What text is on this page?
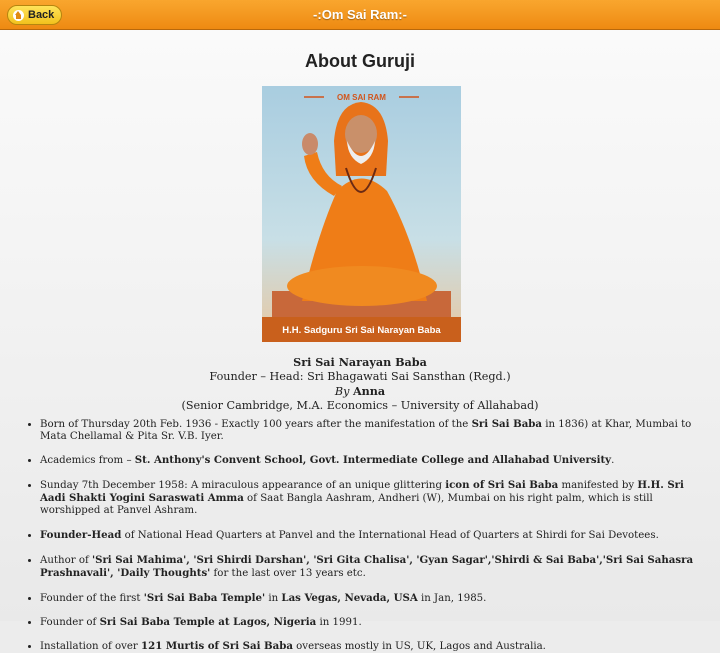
Back	-:Om Sai Ram:-
About Guruji
OM SAI RAM
H.H. Sadguru Sri Sai Narayan Baba
Sri Sai Narayan Baba
Founder – Head: Sri Bhagawati Sai Sansthan (Regd.)
By Anna
(Senior Cambridge, M.A. Economics – University of Allahabad)
• Born of Thursday 20th Feb. 1936 - Exactly 100 years after the manifestation of the Sri Sai Baba in 1836) at Khar, Mumbai to Mata Chellamal & Pita Sr. V.B. Iyer.
• Academics from – St. Anthony's Convent School, Govt. Intermediate College and Allahabad University.
• Sunday 7th December 1958: A miraculous appearance of an unique glittering icon of Sri Sai Baba manifested by H.H. Sri Aadi Shakti Yogini Saraswati Amma of Saat Bangla Aashram, Andheri (W), Mumbai on his right palm, which is still worshipped at Panvel Ashram.
• Founder-Head of National Head Quarters at Panvel and the International Head of Quarters at Shirdi for Sai Devotees.
• Author of 'Sri Sai Mahima', 'Sri Shirdi Darshan', 'Sri Gita Chalisa', 'Gyan Sagar','Shirdi & Sai Baba','Sri Sai Sahasra Prashnavali', 'Daily Thoughts' for the last over 13 years etc.
• Founder of the first 'Sri Sai Baba Temple' in Las Vegas, Nevada, USA in Jan, 1985.
• Founder of Sri Sai Baba Temple at Lagos, Nigeria in 1991.
• Installation of over 121 Murtis of Sri Sai Baba overseas mostly in US, UK, Lagos and Australia.
